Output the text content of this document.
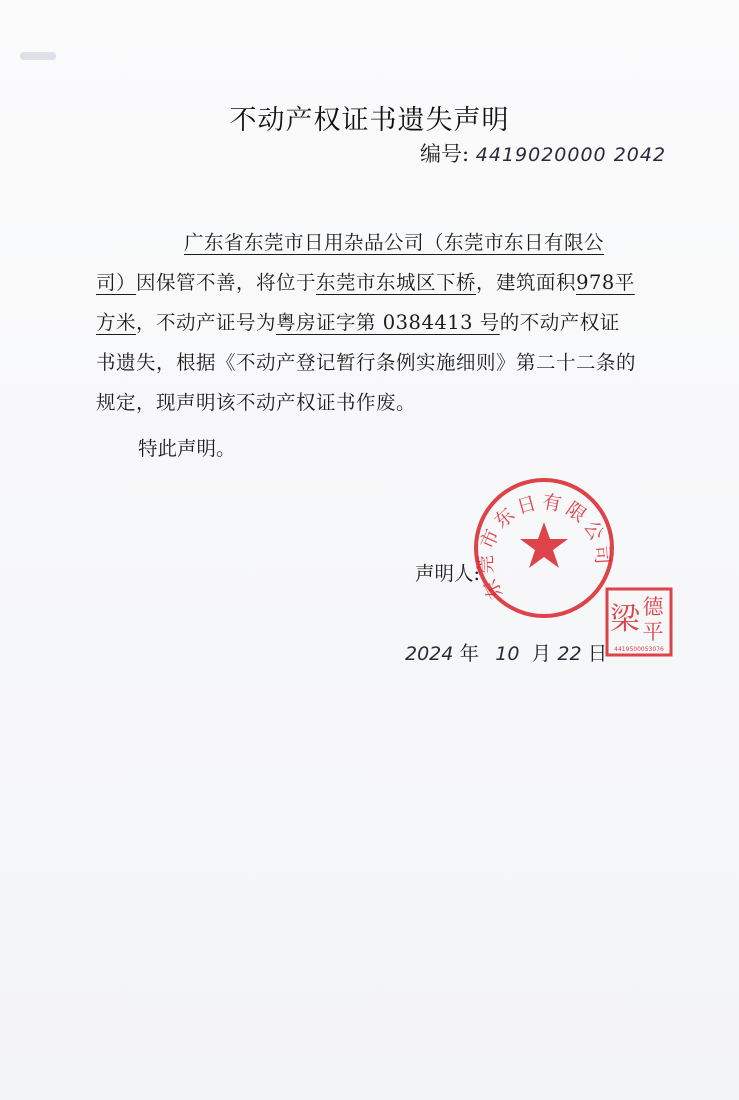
不动产权证书遗失声明
编号: 4419020000 2042

广东省东莞市日用杂品公司（东莞市东日有限公司）因保管不善，将位于东莞市东城区下桥，建筑面积978平方米，不动产证号为粤房证字第 0384413 号的不动产权证书遗失，根据《不动产登记暂行条例实施细则》第二十二条的规定，现声明该不动产权证书作废。

特此声明。
声明人:
2024 年 10 月 22 日
东莞市东日有限公司
德
平
梁
4419500053076
